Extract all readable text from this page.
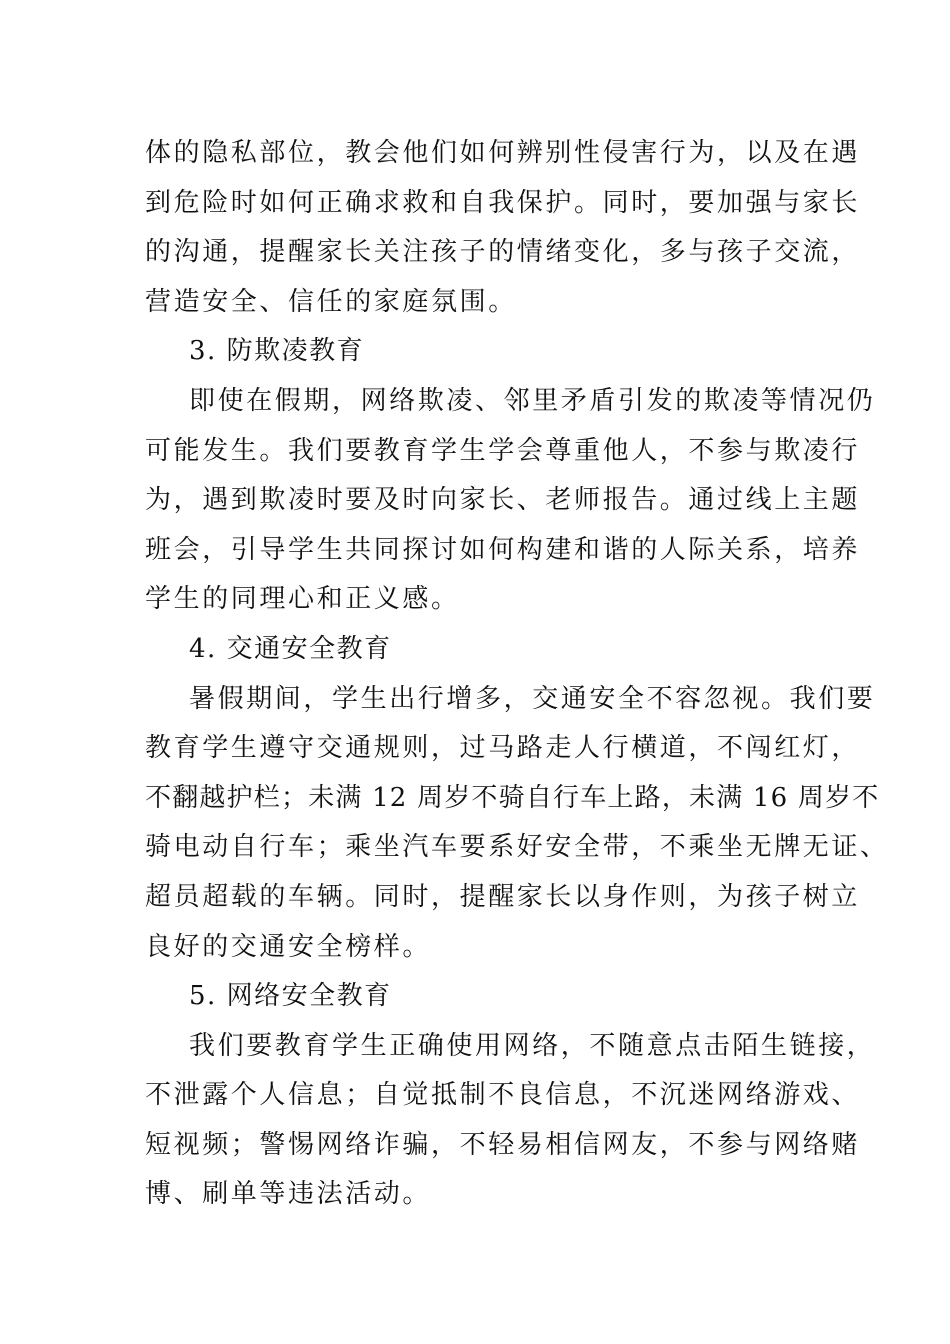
体的隐私部位，教会他们如何辨别性侵害行为，以及在遇
到危险时如何正确求救和自我保护。同时，要加强与家长
的沟通，提醒家长关注孩子的情绪变化，多与孩子交流，
营造安全、信任的家庭氛围。
3. 防欺凌教育
即使在假期，网络欺凌、邻里矛盾引发的欺凌等情况仍
可能发生。我们要教育学生学会尊重他人，不参与欺凌行
为，遇到欺凌时要及时向家长、老师报告。通过线上主题
班会，引导学生共同探讨如何构建和谐的人际关系，培养
学生的同理心和正义感。
4. 交通安全教育
暑假期间，学生出行增多，交通安全不容忽视。我们要
教育学生遵守交通规则，过马路走人行横道，不闯红灯，
不翻越护栏；未满 12 周岁不骑自行车上路，未满 16 周岁不
骑电动自行车；乘坐汽车要系好安全带，不乘坐无牌无证、
超员超载的车辆。同时，提醒家长以身作则，为孩子树立
良好的交通安全榜样。
5. 网络安全教育
我们要教育学生正确使用网络，不随意点击陌生链接，
不泄露个人信息；自觉抵制不良信息，不沉迷网络游戏、
短视频；警惕网络诈骗，不轻易相信网友，不参与网络赌
博、刷单等违法活动。
